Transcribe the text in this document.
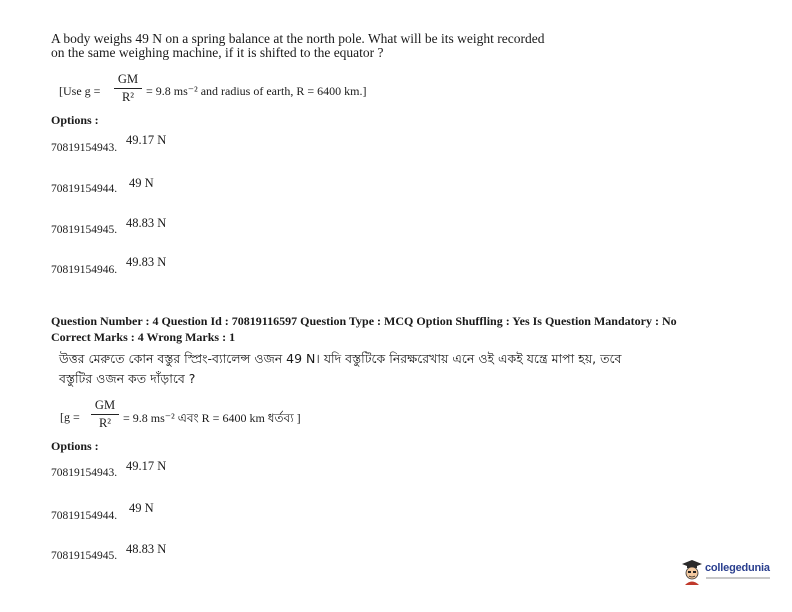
A body weighs 49 N on a spring balance at the north pole. What will be its weight recorded
on the same weighing machine, if it is shifted to the equator ?
[Use g =
GM
R² = 9.8 ms⁻² and radius of earth, R = 6400 km.]
Options :
70819154943.
49.17 N
70819154944. 49 N
70819154945. 48.83 N
70819154946.
49.83 N
Question Number : 4 Question Id : 70819116597 Question Type : MCQ Option Shuffling : Yes Is Question Mandatory : No
Correct Marks : 4 Wrong Marks : 1
উত্তর মেরুতে কোন বস্তুর স্প্রিং-ব্যালেন্স ওজন 49 N। যদি বস্তুটিকে নিরক্ষরেখায় এনে ওই একই যন্ত্রে মাপা হয়, তবে
বস্তুটির ওজন কত দাঁড়াবে ?
[g =
GM
R² = 9.8 ms⁻² এবং R = 6400 km ধর্তব্য ]
Options :
70819154943. 49.17 N
70819154944.
49 N
70819154945. 48.83 N
collegedunia
